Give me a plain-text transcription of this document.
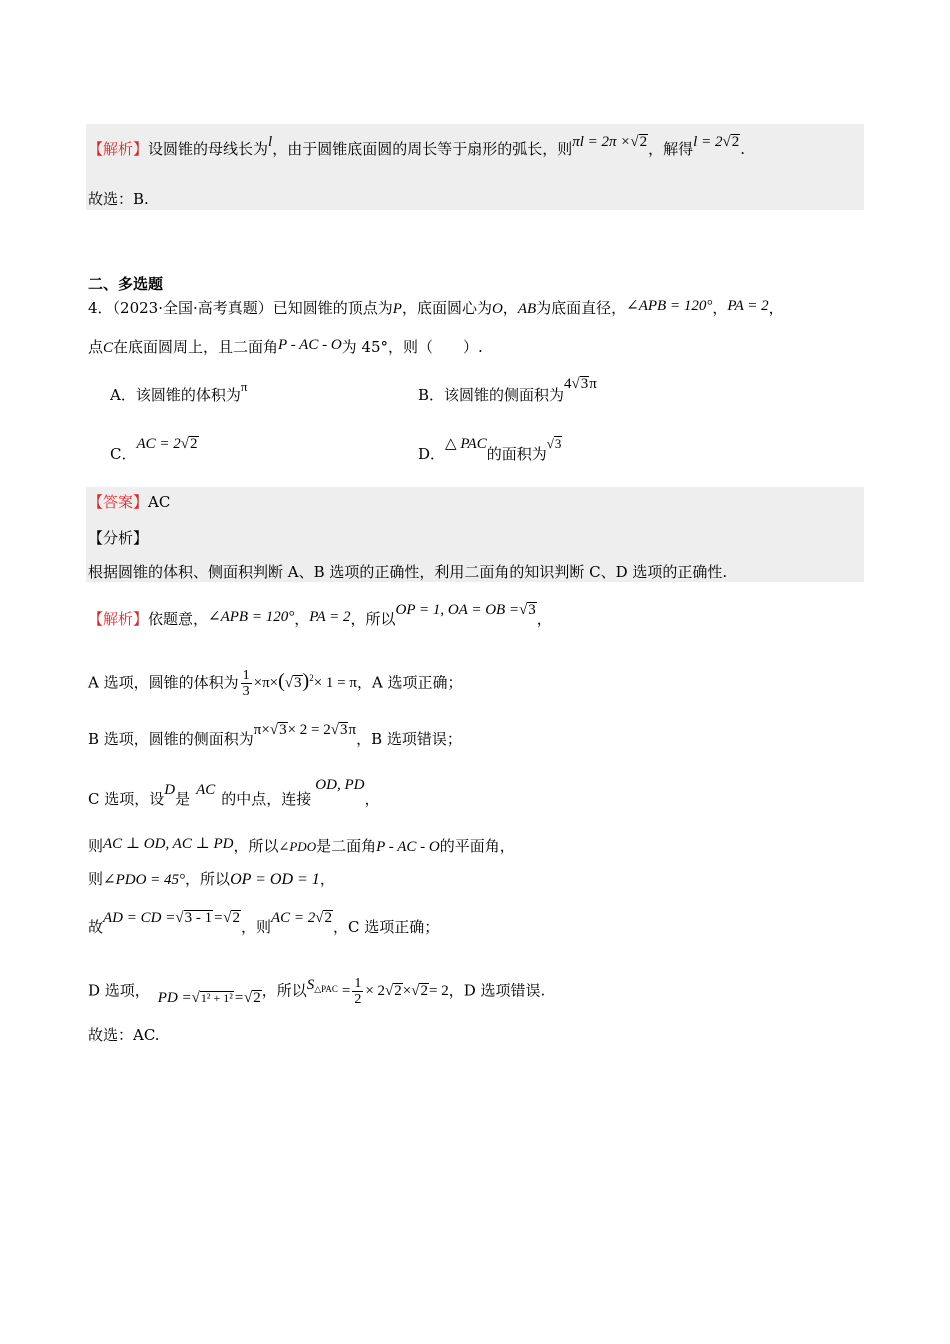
【解析】设圆锥的母线长为l，由于圆锥底面圆的周长等于扇形的弧长，则πl = 2π ×√2，解得l = 2√2.
故选：B.
二、多选题
4．（2023·全国·高考真题）已知圆锥的顶点为P，底面圆心为O，AB为底面直径，∠APB = 120°，PA = 2，
点C在底面圆周上，且二面角P - AC - O为 45°，则（　　）.
A．该圆锥的体积为π	B．该圆锥的侧面积为4√3π
C．AC = 2√2
D．△ PAC的面积为√3
【答案】AC
【分析】
根据圆锥的体积、侧面积判断 A、B 选项的正确性，利用二面角的知识判断 C、D 选项的正确性.
【解析】依题意，∠APB = 120°，PA = 2，所以OP = 1, OA = OB =√3，
A 选项，圆锥的体积为 $\frac{1}{3} \times\pi\times(√3)^2\times 1 = \pi$，A 选项正确；
B 选项，圆锥的侧面积为π×√3× 2 = 2√3π，B 选项错误；
C 选项，设D是 AC 的中点，连接OD, PD，
则AC ⊥ OD, AC ⊥ PD，所以∠PDO是二面角P - AC - O的平面角，
则∠PDO = 45°，所以OP = OD = 1，
故AD = CD =√3 - 1=√2，则AC = 2√2，C 选项正确；
D 选项， PD =√1² + 1²=√2，所以$S^{\triangle PAC} = \frac{1}{2} \times 2√2\times√2= 2$，D 选项错误.
故选：AC.
